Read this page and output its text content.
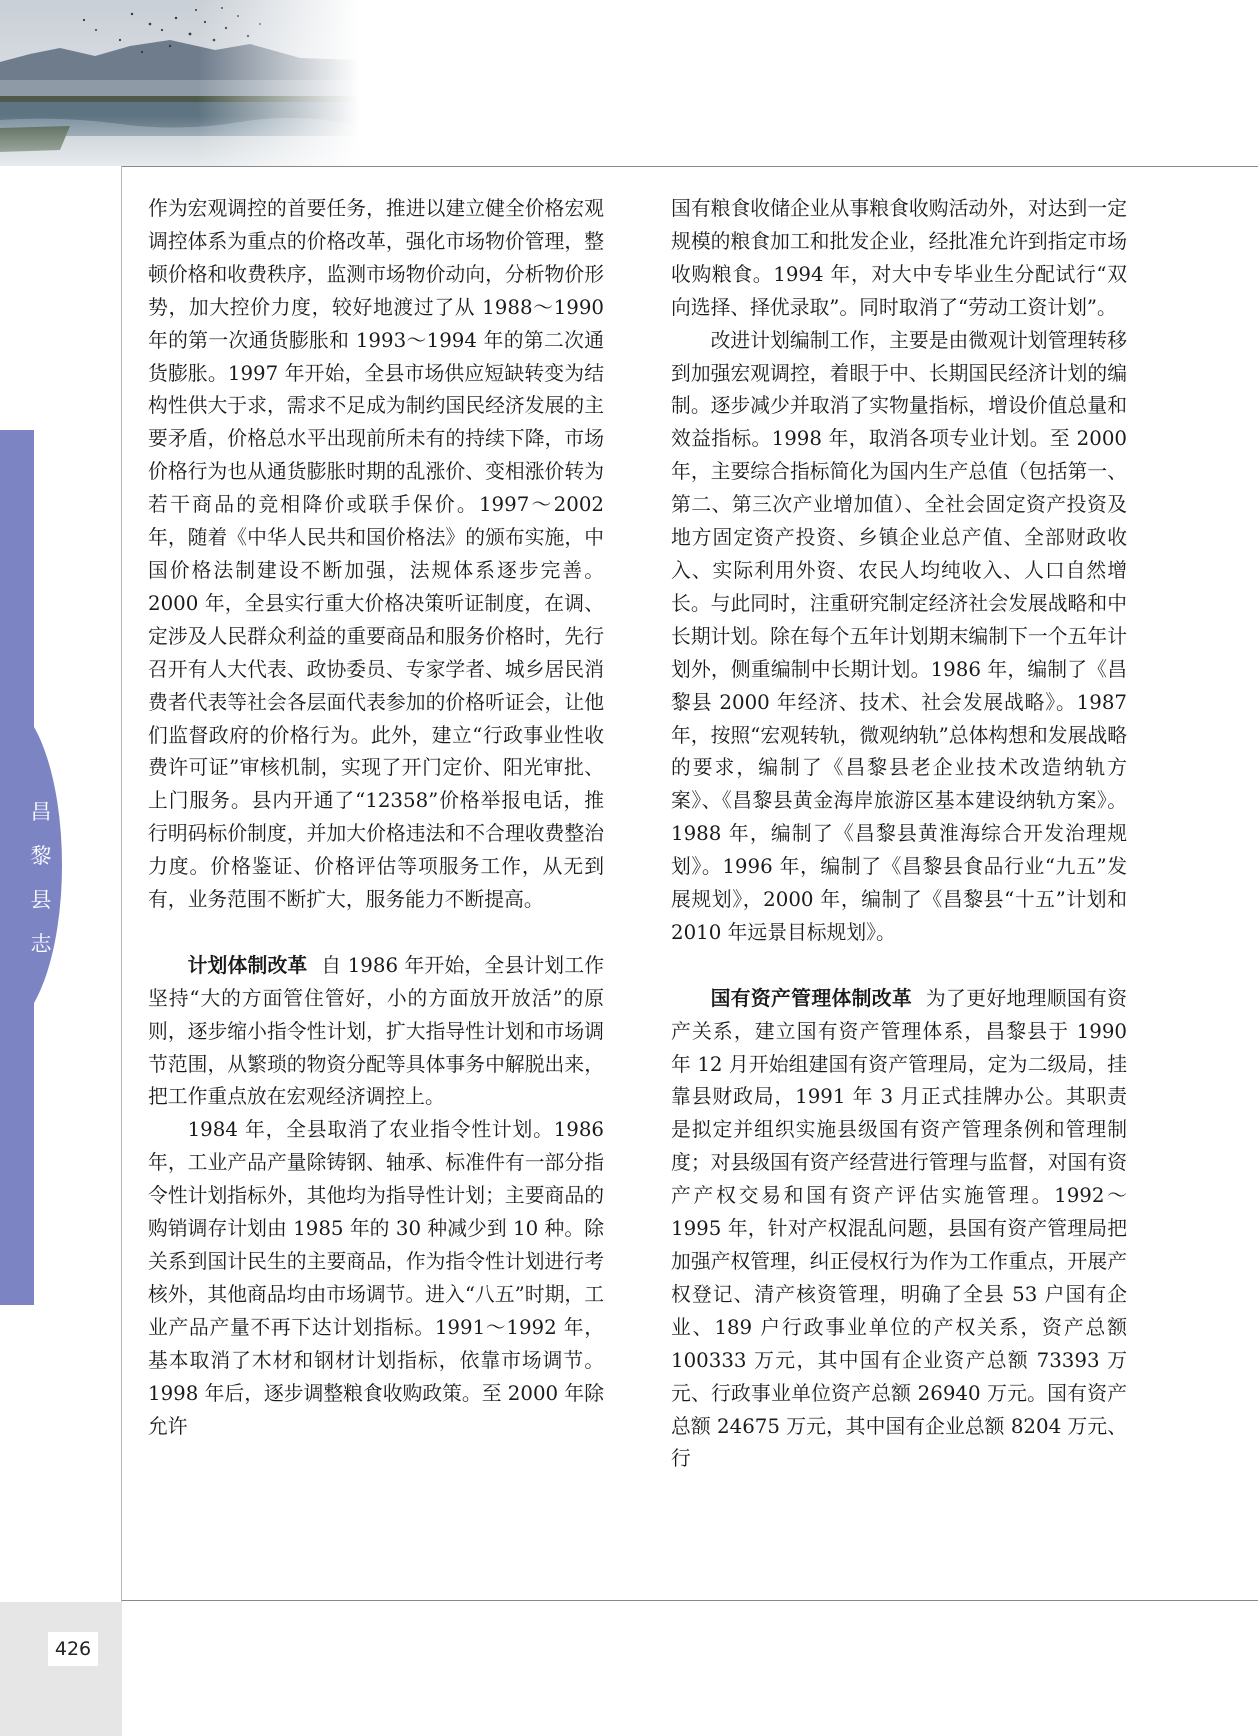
昌
黎
县
志

作为宏观调控的首要任务，推进以建立健全价格宏观调控体系为重点的价格改革，强化市场物价管理，整顿价格和收费秩序，监测市场物价动向，分析物价形势，加大控价力度，较好地渡过了从 1988～1990 年的第一次通货膨胀和 1993～1994 年的第二次通货膨胀。1997 年开始，全县市场供应短缺转变为结构性供大于求，需求不足成为制约国民经济发展的主要矛盾，价格总水平出现前所未有的持续下降，市场价格行为也从通货膨胀时期的乱涨价、变相涨价转为若干商品的竞相降价或联手保价。1997～2002 年，随着《中华人民共和国价格法》的颁布实施，中国价格法制建设不断加强，法规体系逐步完善。2000 年，全县实行重大价格决策听证制度，在调、定涉及人民群众利益的重要商品和服务价格时，先行召开有人大代表、政协委员、专家学者、城乡居民消费者代表等社会各层面代表参加的价格听证会，让他们监督政府的价格行为。此外，建立“行政事业性收费许可证”审核机制，实现了开门定价、阳光审批、上门服务。县内开通了“12358”价格举报电话，推行明码标价制度，并加大价格违法和不合理收费整治力度。价格鉴证、价格评估等项服务工作，从无到有，业务范围不断扩大，服务能力不断提高。

计划体制改革 自 1986 年开始，全县计划工作坚持“大的方面管住管好，小的方面放开放活”的原则，逐步缩小指令性计划，扩大指导性计划和市场调节范围，从繁琐的物资分配等具体事务中解脱出来，把工作重点放在宏观经济调控上。

1984 年，全县取消了农业指令性计划。1986 年，工业产品产量除铸钢、轴承、标准件有一部分指令性计划指标外，其他均为指导性计划；主要商品的购销调存计划由 1985 年的 30 种减少到 10 种。除关系到国计民生的主要商品，作为指令性计划进行考核外，其他商品均由市场调节。进入“八五”时期，工业产品产量不再下达计划指标。1991～1992 年，基本取消了木材和钢材计划指标，依靠市场调节。1998 年后，逐步调整粮食收购政策。至 2000 年除允许

国有粮食收储企业从事粮食收购活动外，对达到一定规模的粮食加工和批发企业，经批准允许到指定市场收购粮食。1994 年，对大中专毕业生分配试行“双向选择、择优录取”。同时取消了“劳动工资计划”。

改进计划编制工作，主要是由微观计划管理转移到加强宏观调控，着眼于中、长期国民经济计划的编制。逐步减少并取消了实物量指标，增设价值总量和效益指标。1998 年，取消各项专业计划。至 2000 年，主要综合指标简化为国内生产总值（包括第一、第二、第三次产业增加值）、全社会固定资产投资及地方固定资产投资、乡镇企业总产值、全部财政收入、实际利用外资、农民人均纯收入、人口自然增长。与此同时，注重研究制定经济社会发展战略和中长期计划。除在每个五年计划期末编制下一个五年计划外，侧重编制中长期计划。1986 年，编制了《昌黎县 2000 年经济、技术、社会发展战略》。1987 年，按照“宏观转轨，微观纳轨”总体构想和发展战略的要求，编制了《昌黎县老企业技术改造纳轨方案》、《昌黎县黄金海岸旅游区基本建设纳轨方案》。1988 年，编制了《昌黎县黄淮海综合开发治理规划》。1996 年，编制了《昌黎县食品行业“九五”发展规划》，2000 年，编制了《昌黎县“十五”计划和 2010 年远景目标规划》。

国有资产管理体制改革 为了更好地理顺国有资产关系，建立国有资产管理体系，昌黎县于 1990 年 12 月开始组建国有资产管理局，定为二级局，挂靠县财政局，1991 年 3 月正式挂牌办公。其职责是拟定并组织实施县级国有资产管理条例和管理制度；对县级国有资产经营进行管理与监督，对国有资产产权交易和国有资产评估实施管理。1992～1995 年，针对产权混乱问题，县国有资产管理局把加强产权管理，纠正侵权行为作为工作重点，开展产权登记、清产核资管理，明确了全县 53 户国有企业、189 户行政事业单位的产权关系，资产总额 100333 万元，其中国有企业资产总额 73393 万元、行政事业单位资产总额 26940 万元。国有资产总额 24675 万元，其中国有企业总额 8204 万元、行

426
